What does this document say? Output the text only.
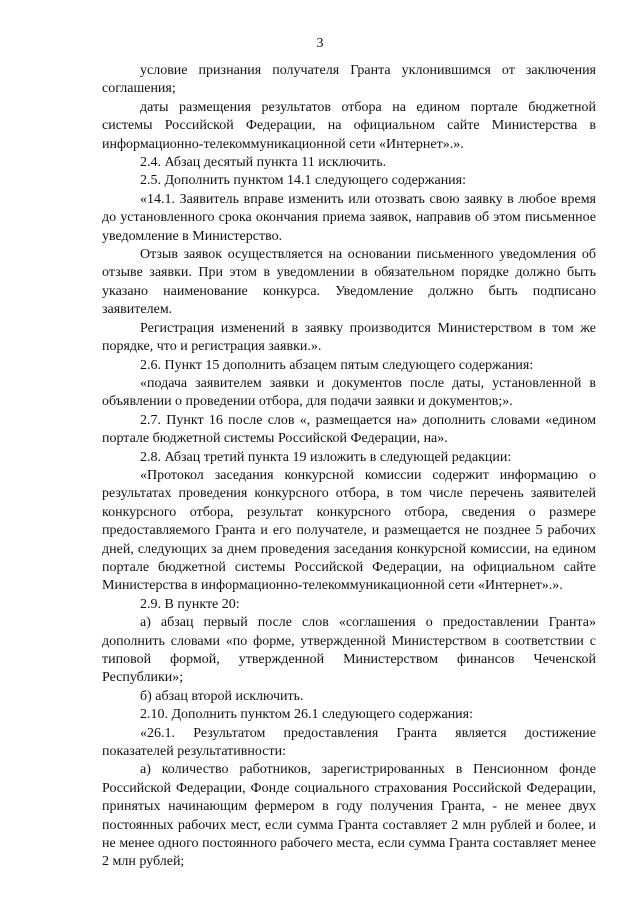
3

условие признания получателя Гранта уклонившимся от заключения соглашения;

даты размещения результатов отбора на едином портале бюджетной системы Российской Федерации, на официальном сайте Министерства в информационно-телекоммуникационной сети «Интернет».».

2.4. Абзац десятый пункта 11 исключить.

2.5. Дополнить пунктом 14.1 следующего содержания:

«14.1. Заявитель вправе изменить или отозвать свою заявку в любое время до установленного срока окончания приема заявок, направив об этом письменное уведомление в Министерство.

Отзыв заявок осуществляется на основании письменного уведомления об отзыве заявки. При этом в уведомлении в обязательном порядке должно быть указано наименование конкурса. Уведомление должно быть подписано заявителем.

Регистрация изменений в заявку производится Министерством в том же порядке, что и регистрация заявки.».

2.6. Пункт 15 дополнить абзацем пятым следующего содержания:

«подача заявителем заявки и документов после даты, установленной в объявлении о проведении отбора, для подачи заявки и документов;».

2.7. Пункт 16 после слов «, размещается на» дополнить словами «едином портале бюджетной системы Российской Федерации, на».

2.8. Абзац третий пункта 19 изложить в следующей редакции:

«Протокол заседания конкурсной комиссии содержит информацию о результатах проведения конкурсного отбора, в том числе перечень заявителей конкурсного отбора, результат конкурсного отбора, сведения о размере предоставляемого Гранта и его получателе, и размещается не позднее 5 рабочих дней, следующих за днем проведения заседания конкурсной комиссии, на едином портале бюджетной системы Российской Федерации, на официальном сайте Министерства в информационно-телекоммуникационной сети «Интернет».».

2.9. В пункте 20:

а) абзац первый после слов «соглашения о предоставлении Гранта» дополнить словами «по форме, утвержденной Министерством в соответствии с типовой формой, утвержденной Министерством финансов Чеченской Республики»;

б) абзац второй исключить.

2.10. Дополнить пунктом 26.1 следующего содержания:

«26.1. Результатом предоставления Гранта является достижение показателей результативности:

а) количество работников, зарегистрированных в Пенсионном фонде Российской Федерации, Фонде социального страхования Российской Федерации, принятых начинающим фермером в году получения Гранта, - не менее двух постоянных рабочих мест, если сумма Гранта составляет 2 млн рублей и более, и не менее одного постоянного рабочего места, если сумма Гранта составляет менее 2 млн рублей;
